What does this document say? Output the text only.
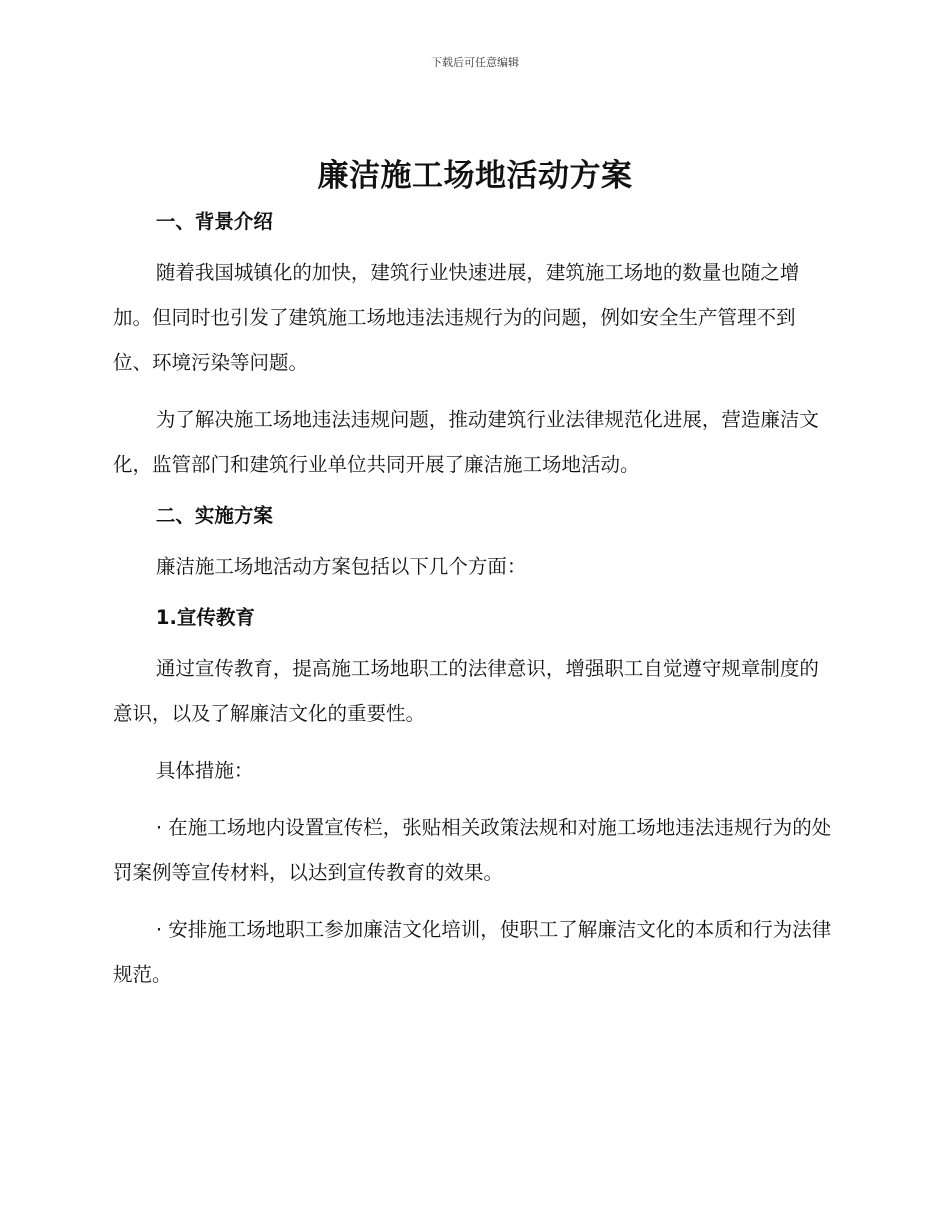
下载后可任意编辑
廉洁施工场地活动方案
一、背景介绍

随着我国城镇化的加快，建筑行业快速进展，建筑施工场地的数量也随之增加。但同时也引发了建筑施工场地违法违规行为的问题，例如安全生产管理不到位、环境污染等问题。

为了解决施工场地违法违规问题，推动建筑行业法律规范化进展，营造廉洁文化，监管部门和建筑行业单位共同开展了廉洁施工场地活动。

二、实施方案

廉洁施工场地活动方案包括以下几个方面：

1.宣传教育

通过宣传教育，提高施工场地职工的法律意识，增强职工自觉遵守规章制度的意识，以及了解廉洁文化的重要性。

具体措施：

· 在施工场地内设置宣传栏，张贴相关政策法规和对施工场地违法违规行为的处罚案例等宣传材料，以达到宣传教育的效果。

· 安排施工场地职工参加廉洁文化培训，使职工了解廉洁文化的本质和行为法律规范。
